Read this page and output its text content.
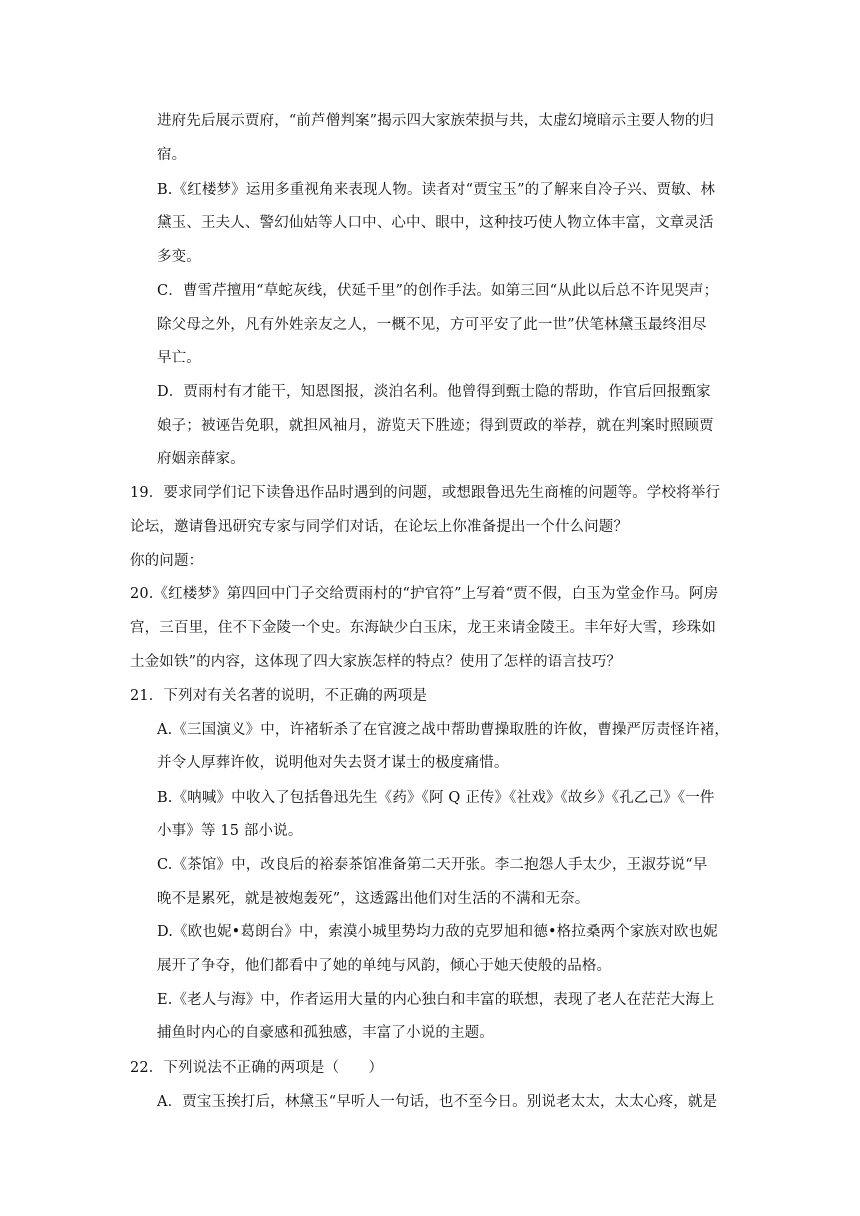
进府先后展示贾府，“前芦僧判案”揭示四大家族荣损与共，太虚幻境暗示主要人物的归
宿。
B.《红楼梦》运用多重视角来表现人物。读者对“贾宝玉”的了解来自冷子兴、贾敏、林
黛玉、王夫人、警幻仙姑等人口中、心中、眼中，这种技巧使人物立体丰富，文章灵活
多变。
C．曹雪芹擅用“草蛇灰线，伏延千里”的创作手法。如第三回“从此以后总不许见哭声；
除父母之外，凡有外姓亲友之人，一概不见，方可平安了此一世”伏笔林黛玉最终泪尽
早亡。
D．贾雨村有才能干，知恩图报，淡泊名利。他曾得到甄士隐的帮助，作官后回报甄家
娘子；被诬告免职，就担风袖月，游览天下胜迹；得到贾政的举荐，就在判案时照顾贾
府姻亲薛家。
19．要求同学们记下读鲁迅作品时遇到的问题，或想跟鲁迅先生商榷的问题等。学校将举行
论坛，邀请鲁迅研究专家与同学们对话，在论坛上你准备提出一个什么问题？
你的问题：
20.《红楼梦》第四回中门子交给贾雨村的“护官符”上写着“贾不假，白玉为堂金作马。阿房
宫，三百里，住不下金陵一个史。东海缺少白玉床，龙王来请金陵王。丰年好大雪，珍珠如
土金如铁”的内容，这体现了四大家族怎样的特点？使用了怎样的语言技巧？
21．下列对有关名著的说明，不正确的两项是
A.《三国演义》中，许褚斩杀了在官渡之战中帮助曹操取胜的许攸，曹操严厉责怪许褚，
并令人厚葬许攸，说明他对失去贤才谋士的极度痛惜。
B.《呐喊》中收入了包括鲁迅先生《药》《阿 Q 正传》《社戏》《故乡》《孔乙己》《一件
小事》等 15 部小说。
C.《茶馆》中，改良后的裕泰茶馆准备第二天开张。李二抱怨人手太少，王淑芬说“早
晚不是累死，就是被炮轰死”，这透露出他们对生活的不满和无奈。
D.《欧也妮•葛朗台》中，索漠小城里势均力敌的克罗旭和德•格拉桑两个家族对欧也妮
展开了争夺，他们都看中了她的单纯与风韵，倾心于她天使般的品格。
E.《老人与海》中，作者运用大量的内心独白和丰富的联想，表现了老人在茫茫大海上
捕鱼时内心的自豪感和孤独感，丰富了小说的主题。
22．下列说法不正确的两项是（　　）
A．贾宝玉挨打后，林黛玉“早听人一句话，也不至今日。别说老太太，太太心疼，就是
